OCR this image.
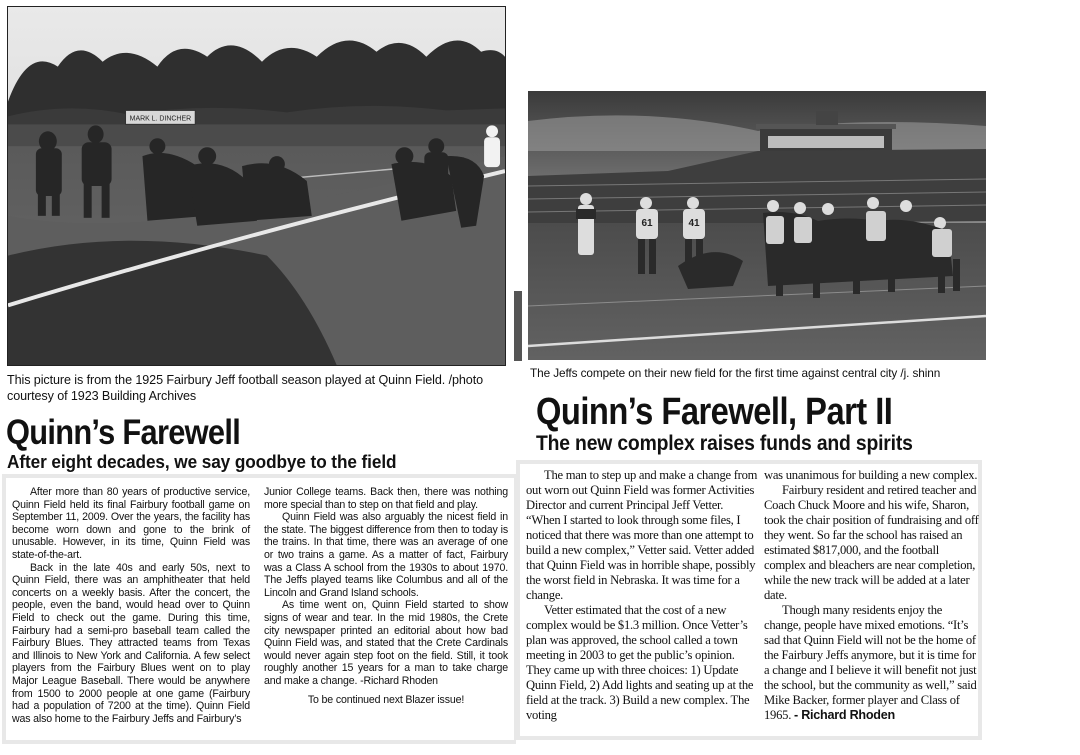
MARK L. DINCHER
61	41
This picture is from the 1925 Fairbury Jeff football season played at Quinn Field. /photo courtesy of 1923 Building Archives
The Jeffs compete on their new field for the first time against central city /j. shinn
Quinn’s Farewell
After eight decades, we say goodbye to the field
Quinn’s Farewell, Part II
The new complex raises funds and spirits

After more than 80 years of productive service, Quinn Field held its final Fairbury football game on September 11, 2009. Over the years, the facility has become worn down and gone to the brink of unusable. However, in its time, Quinn Field was state-of-the-art.

Back in the late 40s and early 50s, next to Quinn Field, there was an amphitheater that held concerts on a weekly basis. After the concert, the people, even the band, would head over to Quinn Field to check out the game. During this time, Fairbury had a semi-pro baseball team called the Fairbury Blues. They attracted teams from Texas and Illinois to New York and California. A few select players from the Fairbury Blues went on to play Major League Baseball. There would be anywhere from 1500 to 2000 people at one game (Fairbury had a population of 7200 at the time). Quinn Field was also home to the Fairbury Jeffs and Fairbury’s

Junior College teams. Back then, there was nothing more special than to step on that field and play.

Quinn Field was also arguably the nicest field in the state. The biggest difference from then to today is the trains. In that time, there was an average of one or two trains a game. As a matter of fact, Fairbury was a Class A school from the 1930s to about 1970. The Jeffs played teams like Columbus and all of the Lincoln and Grand Island schools.

As time went on, Quinn Field started to show signs of wear and tear. In the mid 1980s, the Crete city newspaper printed an editorial about how bad Quinn Field was, and stated that the Crete Cardinals would never again step foot on the field. Still, it took roughly another 15 years for a man to take charge and make a change. -Richard Rhoden

To be continued next Blazer issue!

The man to step up and make a change from out worn out Quinn Field was former Activities Director and current Principal Jeff Vetter. “When I started to look through some files, I noticed that there was more than one attempt to build a new complex,” Vetter said. Vetter added that Quinn Field was in horrible shape, possibly the worst field in Nebraska. It was time for a change.

Vetter estimated that the cost of a new complex would be $1.3 million. Once Vetter’s plan was approved, the school called a town meeting in 2003 to get the public’s opinion. They came up with three choices: 1) Update Quinn Field, 2) Add lights and seating up at the field at the track. 3) Build a new complex. The voting

was unanimous for building a new complex.

Fairbury resident and retired teacher and Coach Chuck Moore and his wife, Sharon, took the chair position of fundraising and off they went. So far the school has raised an estimated $817,000, and the football complex and bleachers are near completion, while the new track will be added at a later date.

Though many residents enjoy the change, people have mixed emotions. “It’s sad that Quinn Field will not be the home of the Fairbury Jeffs anymore, but it is time for a change and I believe it will benefit not just the school, but the community as well,” said Mike Backer, former player and Class of 1965. - Richard Rhoden
